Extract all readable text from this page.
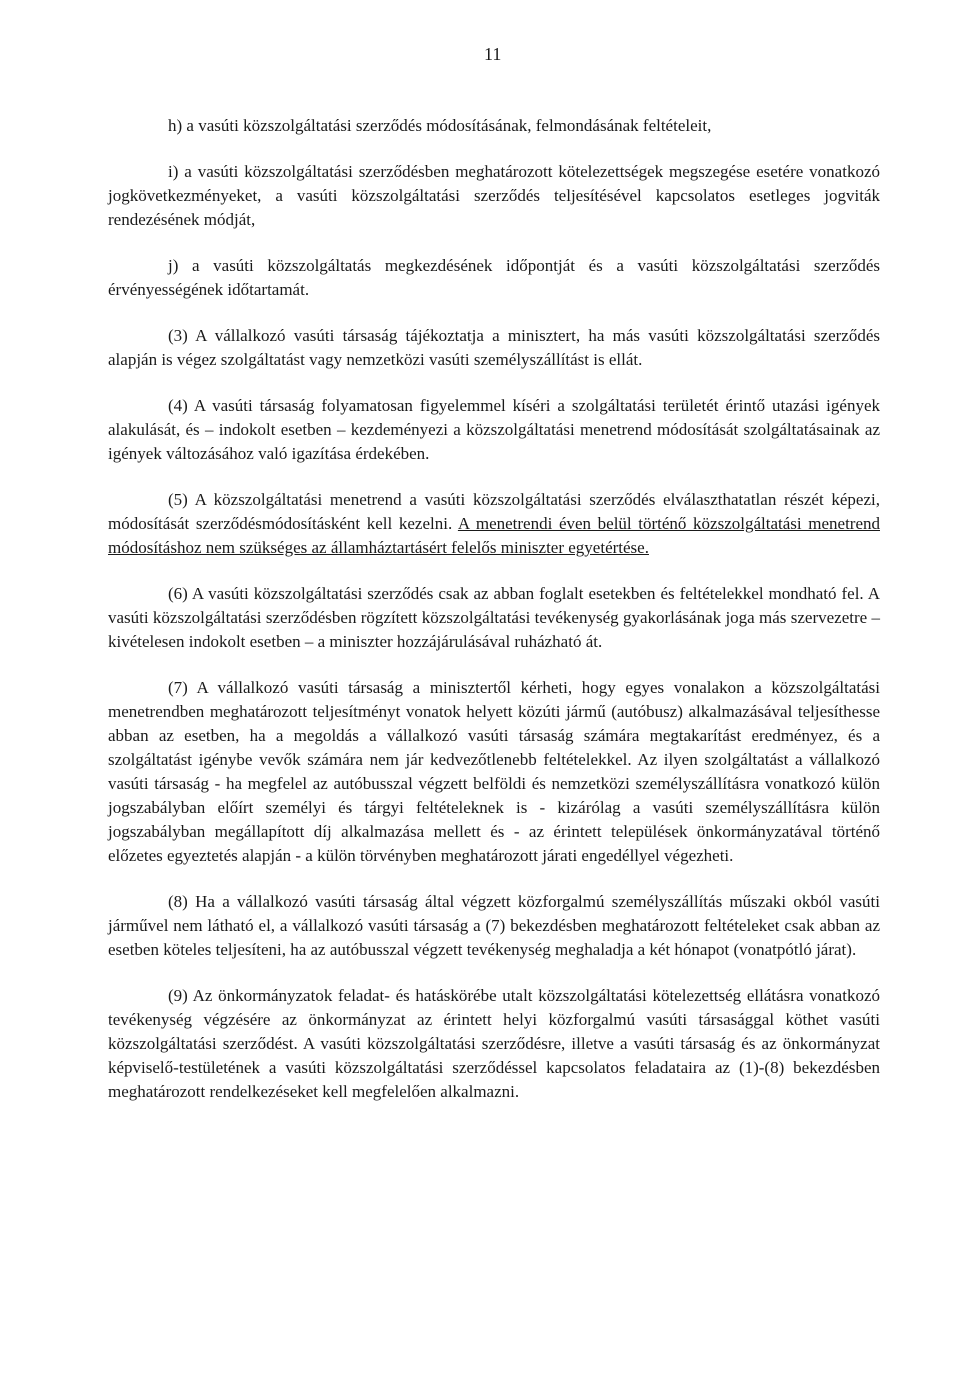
11

h) a vasúti közszolgáltatási szerződés módosításának, felmondásának feltételeit,

i) a vasúti közszolgáltatási szerződésben meghatározott kötelezettségek megszegése esetére vonatkozó jogkövetkezményeket, a vasúti közszolgáltatási szerződés teljesítésével kapcsolatos esetleges jogviták rendezésének módját,

j) a vasúti közszolgáltatás megkezdésének időpontját és a vasúti közszolgáltatási szerződés érvényességének időtartamát.

(3) A vállalkozó vasúti társaság tájékoztatja a minisztert, ha más vasúti közszolgáltatási szerződés alapján is végez szolgáltatást vagy nemzetközi vasúti személyszállítást is ellát.

(4) A vasúti társaság folyamatosan figyelemmel kíséri a szolgáltatási területét érintő utazási igények alakulását, és – indokolt esetben – kezdeményezi a közszolgáltatási menetrend módosítását szolgáltatásainak az igények változásához való igazítása érdekében.

(5) A közszolgáltatási menetrend a vasúti közszolgáltatási szerződés elválaszthatatlan részét képezi, módosítását szerződésmódosításként kell kezelni. A menetrendi éven belül történő közszolgáltatási menetrend módosításhoz nem szükséges az államháztartásért felelős miniszter egyetértése.

(6) A vasúti közszolgáltatási szerződés csak az abban foglalt esetekben és feltételekkel mondható fel. A vasúti közszolgáltatási szerződésben rögzített közszolgáltatási tevékenység gyakorlásának joga más szervezetre – kivételesen indokolt esetben – a miniszter hozzájárulásával ruházható át.

(7) A vállalkozó vasúti társaság a minisztertől kérheti, hogy egyes vonalakon a közszolgáltatási menetrendben meghatározott teljesítményt vonatok helyett közúti jármű (autóbusz) alkalmazásával teljesíthesse abban az esetben, ha a megoldás a vállalkozó vasúti társaság számára megtakarítást eredményez, és a szolgáltatást igénybe vevők számára nem jár kedvezőtlenebb feltételekkel. Az ilyen szolgáltatást a vállalkozó vasúti társaság - ha megfelel az autóbusszal végzett belföldi és nemzetközi személyszállításra vonatkozó külön jogszabályban előírt személyi és tárgyi feltételeknek is - kizárólag a vasúti személyszállításra külön jogszabályban megállapított díj alkalmazása mellett és - az érintett települések önkormányzatával történő előzetes egyeztetés alapján - a külön törvényben meghatározott járati engedéllyel végezheti.

(8) Ha a vállalkozó vasúti társaság által végzett közforgalmú személyszállítás műszaki okból vasúti járművel nem látható el, a vállalkozó vasúti társaság a (7) bekezdésben meghatározott feltételeket csak abban az esetben köteles teljesíteni, ha az autóbusszal végzett tevékenység meghaladja a két hónapot (vonatpótló járat).

(9) Az önkormányzatok feladat- és hatáskörébe utalt közszolgáltatási kötelezettség ellátásra vonatkozó tevékenység végzésére az önkormányzat az érintett helyi közforgalmú vasúti társasággal köthet vasúti közszolgáltatási szerződést. A vasúti közszolgáltatási szerződésre, illetve a vasúti társaság és az önkormányzat képviselő-testületének a vasúti közszolgáltatási szerződéssel kapcsolatos feladataira az (1)-(8) bekezdésben meghatározott rendelkezéseket kell megfelelően alkalmazni.
